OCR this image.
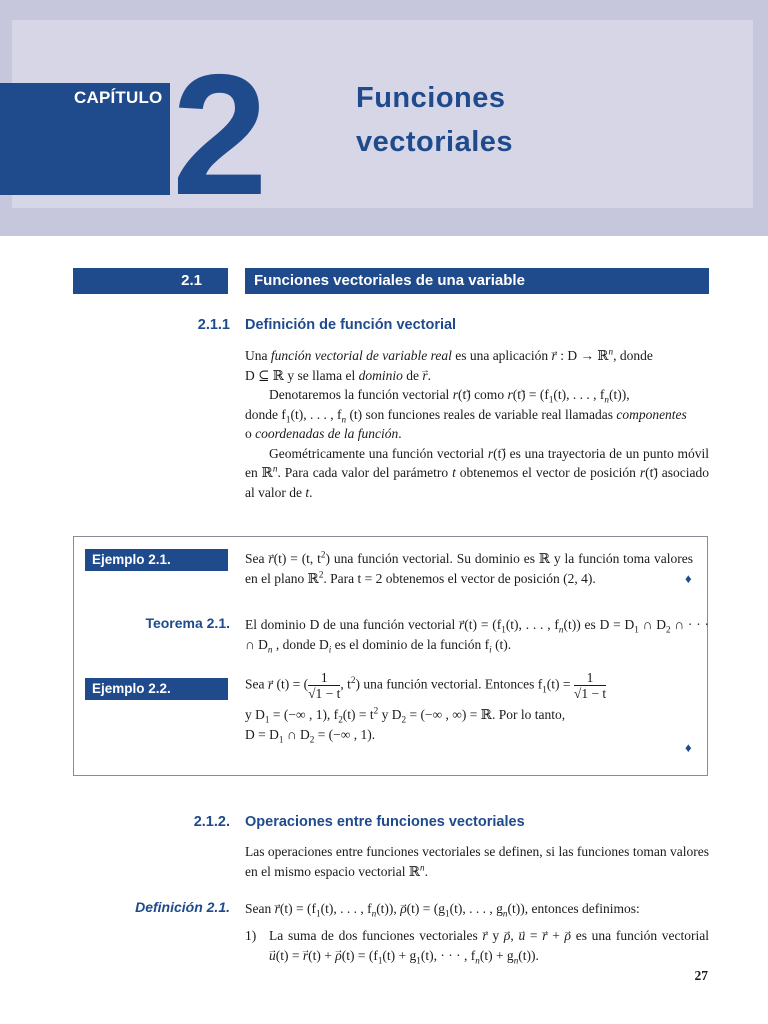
CAPÍTULO 2	Funciones
vectoriales
2.1	Funciones vectoriales de una variable
2.1.1 Definición de función vectorial

Una función vectorial de variable real es una aplicación → r : D → ℝ$^n$, donde
D ⊆ ℝ y se llama el dominio de → r.

Denotaremos la función vectorial → r(t) como → $r(t) = (f_1(t)$, . . . , $f_n(t)$),
donde $f_1(t)$, . . . , $f_n$ (t) son funciones reales de variable real llamadas componentes
o coordenadas de la función.

Geométricamente una función vectorial → r(t) es una trayectoria de un punto móvil en ℝ$^n$. Para cada valor del parámetro t obtenemos el vector de posición → r(t) asociado al valor de t.

Ejemplo 2.1.	Sea → r(t) = (t, $t^2$) una función vectorial. Su dominio es ℝ y la función toma valores en el plano ℝ$^2$. Para t = 2 obtenemos el vector de posición (2, 4).	♦
Teorema 2.1. El dominio D de una función vectorial → $r(t) = (f_1(t)$, . . . , $f_n(t)$) es $D = D_1$ ∩ $D_2$ ∩ · · · ∩ $D_n$ , donde $D_i$ es el dominio de la función $f_i$ (t).

Ejemplo 2.2.	Sea → r (t) = ( $\frac{1}{√1 - t}$ , $t^2$) una función vectorial. Entonces $f_1(t) = \frac{1}{√1 - t}$

y $D_1$ = (−∞ , 1), $f_2(t) = t^2$ y $D_2$ = (−∞ , ∞) = ℝ. Por lo tanto,
$D = D_1$ ∩ $D_2$ = (−∞ , 1).

♦
2.1.2. Operaciones entre funciones vectoriales

Las operaciones entre funciones vectoriales se definen, si las funciones toman valores en el mismo espacio vectorial ℝ$^n$.

Definición 2.1. Sean → $r(t) = (f_1(t)$, . . . , $f_n(t)$), → $\rho(t) = (g_1(t)$, . . . , $g_n(t)$), entonces definimos:

1) La suma de dos funciones vectoriales → r y → ρ, → u = → r + → ρ es una función vectorial → u(t) = → r(t) + → $\rho(t) = (f_1(t) + g_1(t)$, · · · , $f_n(t) + g_n(t)$).
27
